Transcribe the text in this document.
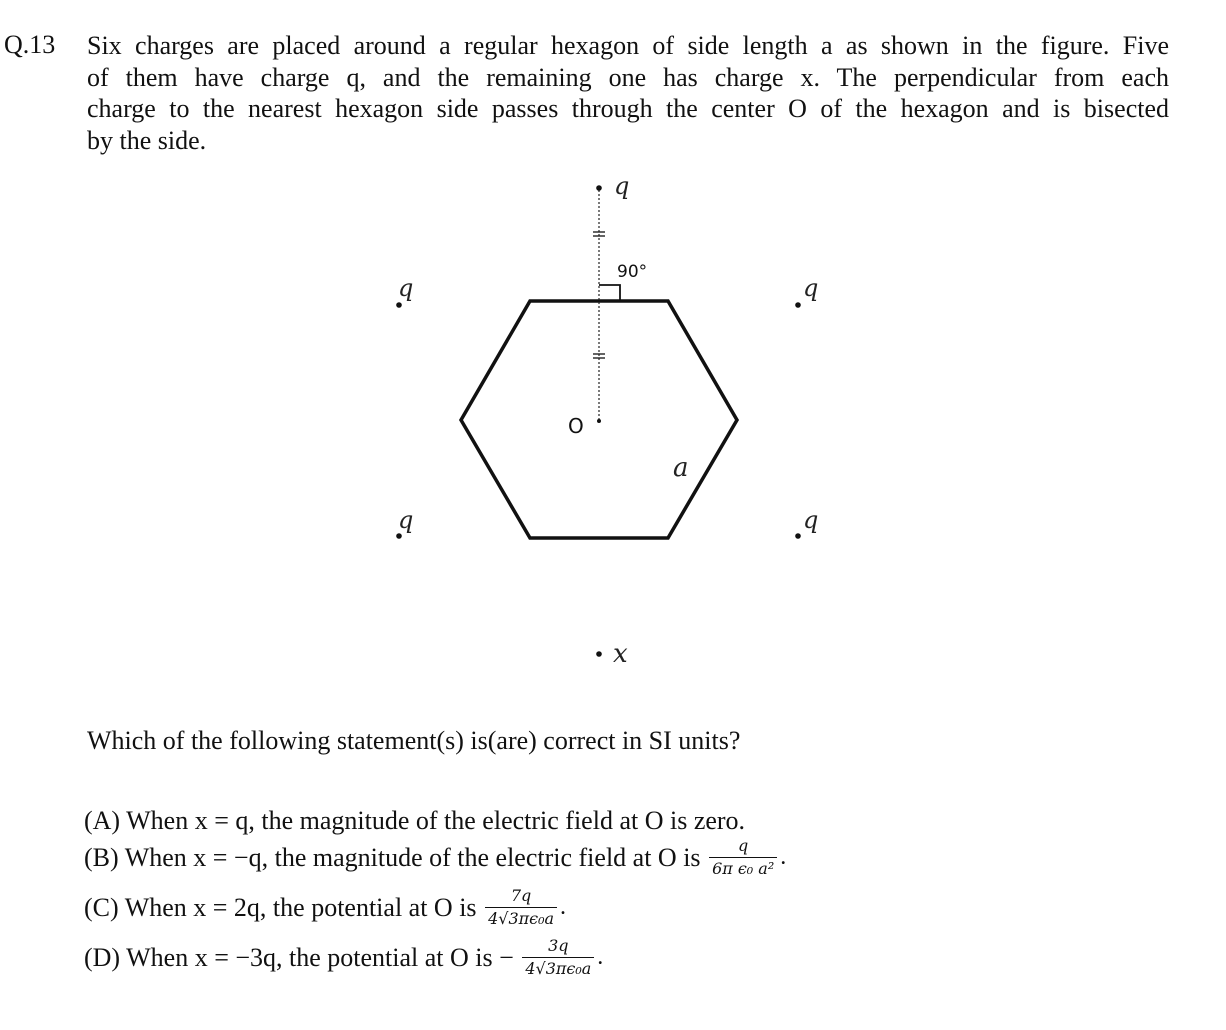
Q.13 Six charges are placed around a regular hexagon of side length a as shown in the figure. Five
of them have charge q, and the remaining one has charge x. The perpendicular from each
charge to the nearest hexagon side passes through the center O of the hexagon and is bisected
by the side.
90°
O
a
q
q	q
q	q
x
Which of the following statement(s) is(are) correct in SI units?
(A) When x = q, the magnitude of the electric field at O is zero.
(B) When x = −q, the magnitude of the electric field at O is $\frac{q}{\text{6π ϵ₀ a²}}$ .
(C) When x = 2q, the potential at O is $\frac{7q}{\text{4√3πϵ₀a}}$ .
(D) When x = −3q, the potential at O is − $\frac{3q}{\text{4√3πϵ₀a}}$ .
